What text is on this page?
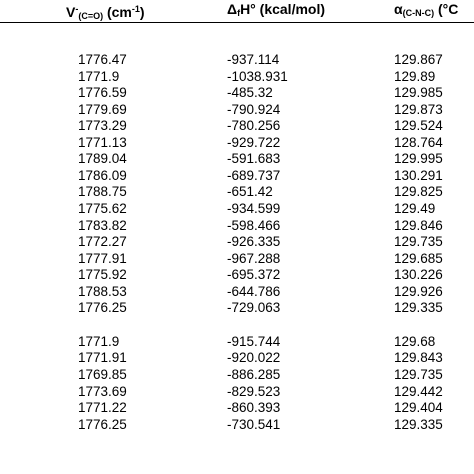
$V^-_{(C=O)}$ $(cm^{-1})$	$\Delta_fH^\circ$ (kcal/mol)	$\alpha_{(C-N-C)}$ (°C
1776.47	-937.114	129.867
1771.9	-1038.931	129.89
1776.59	-485.32	129.985
1779.69	-790.924	129.873
1773.29	-780.256	129.524
1771.13	-929.722	128.764
1789.04	-591.683	129.995
1786.09	-689.737	130.291
1788.75	-651.42	129.825
1775.62	-934.599	129.49
1783.82	-598.466	129.846
1772.27	-926.335	129.735
1777.91	-967.288	129.685
1775.92	-695.372	130.226
1788.53	-644.786	129.926
1776.25	-729.063	129.335
1771.9	-915.744	129.68
1771.91	-920.022	129.843
1769.85	-886.285	129.735
1773.69	-829.523	129.442
1771.22	-860.393	129.404
1776.25	-730.541	129.335
